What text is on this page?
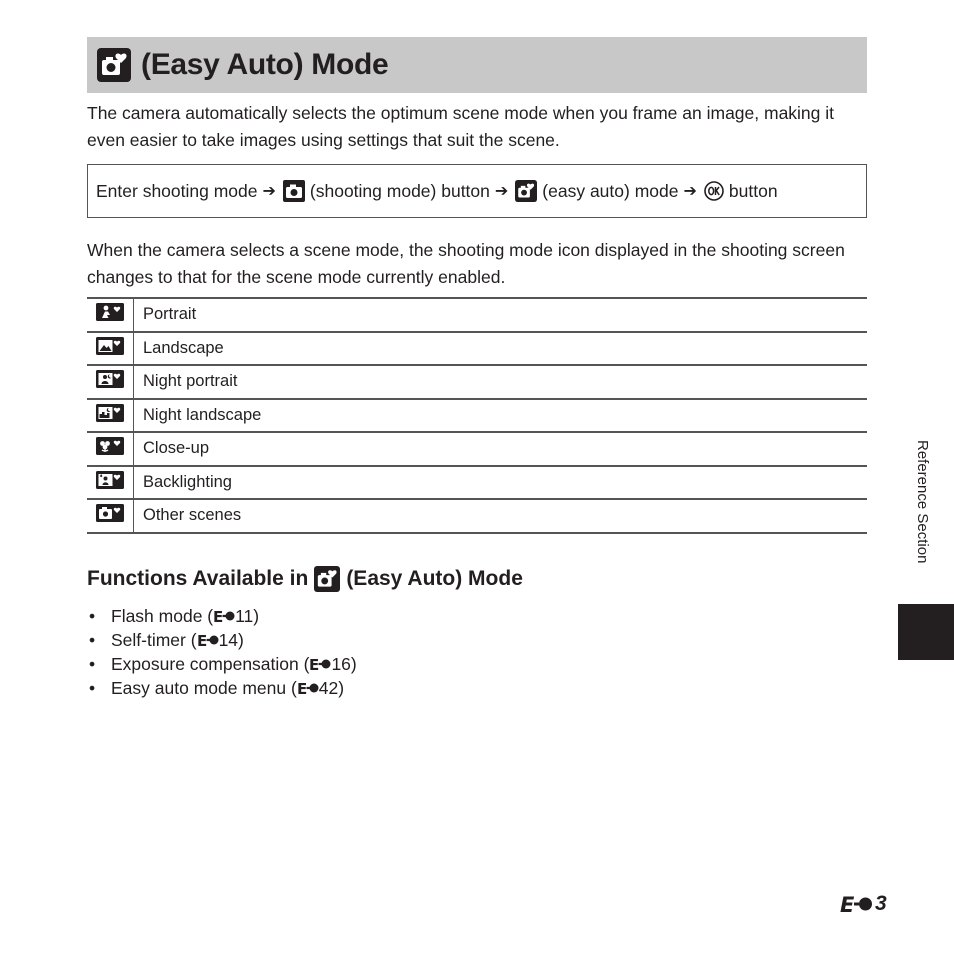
(Easy Auto) Mode

The camera automatically selects the optimum scene mode when you frame an image, making it even easier to take images using settings that suit the scene.

Enter shooting mode ➔ (shooting mode) button ➔ (easy auto) mode ➔ button

When the camera selects a scene mode, the shooting mode icon displayed in the shooting screen changes to that for the scene mode currently enabled.

	Portrait
	Landscape
	Night portrait
	Night landscape
	Close-up
	Backlighting
	Other scenes
Functions Available in (Easy Auto) Mode
• Flash mode ( E 11)
• Self-timer ( E 14)
• Exposure compensation ( E 16)
• Easy auto mode menu ( E 42)
Reference Section
E 3
